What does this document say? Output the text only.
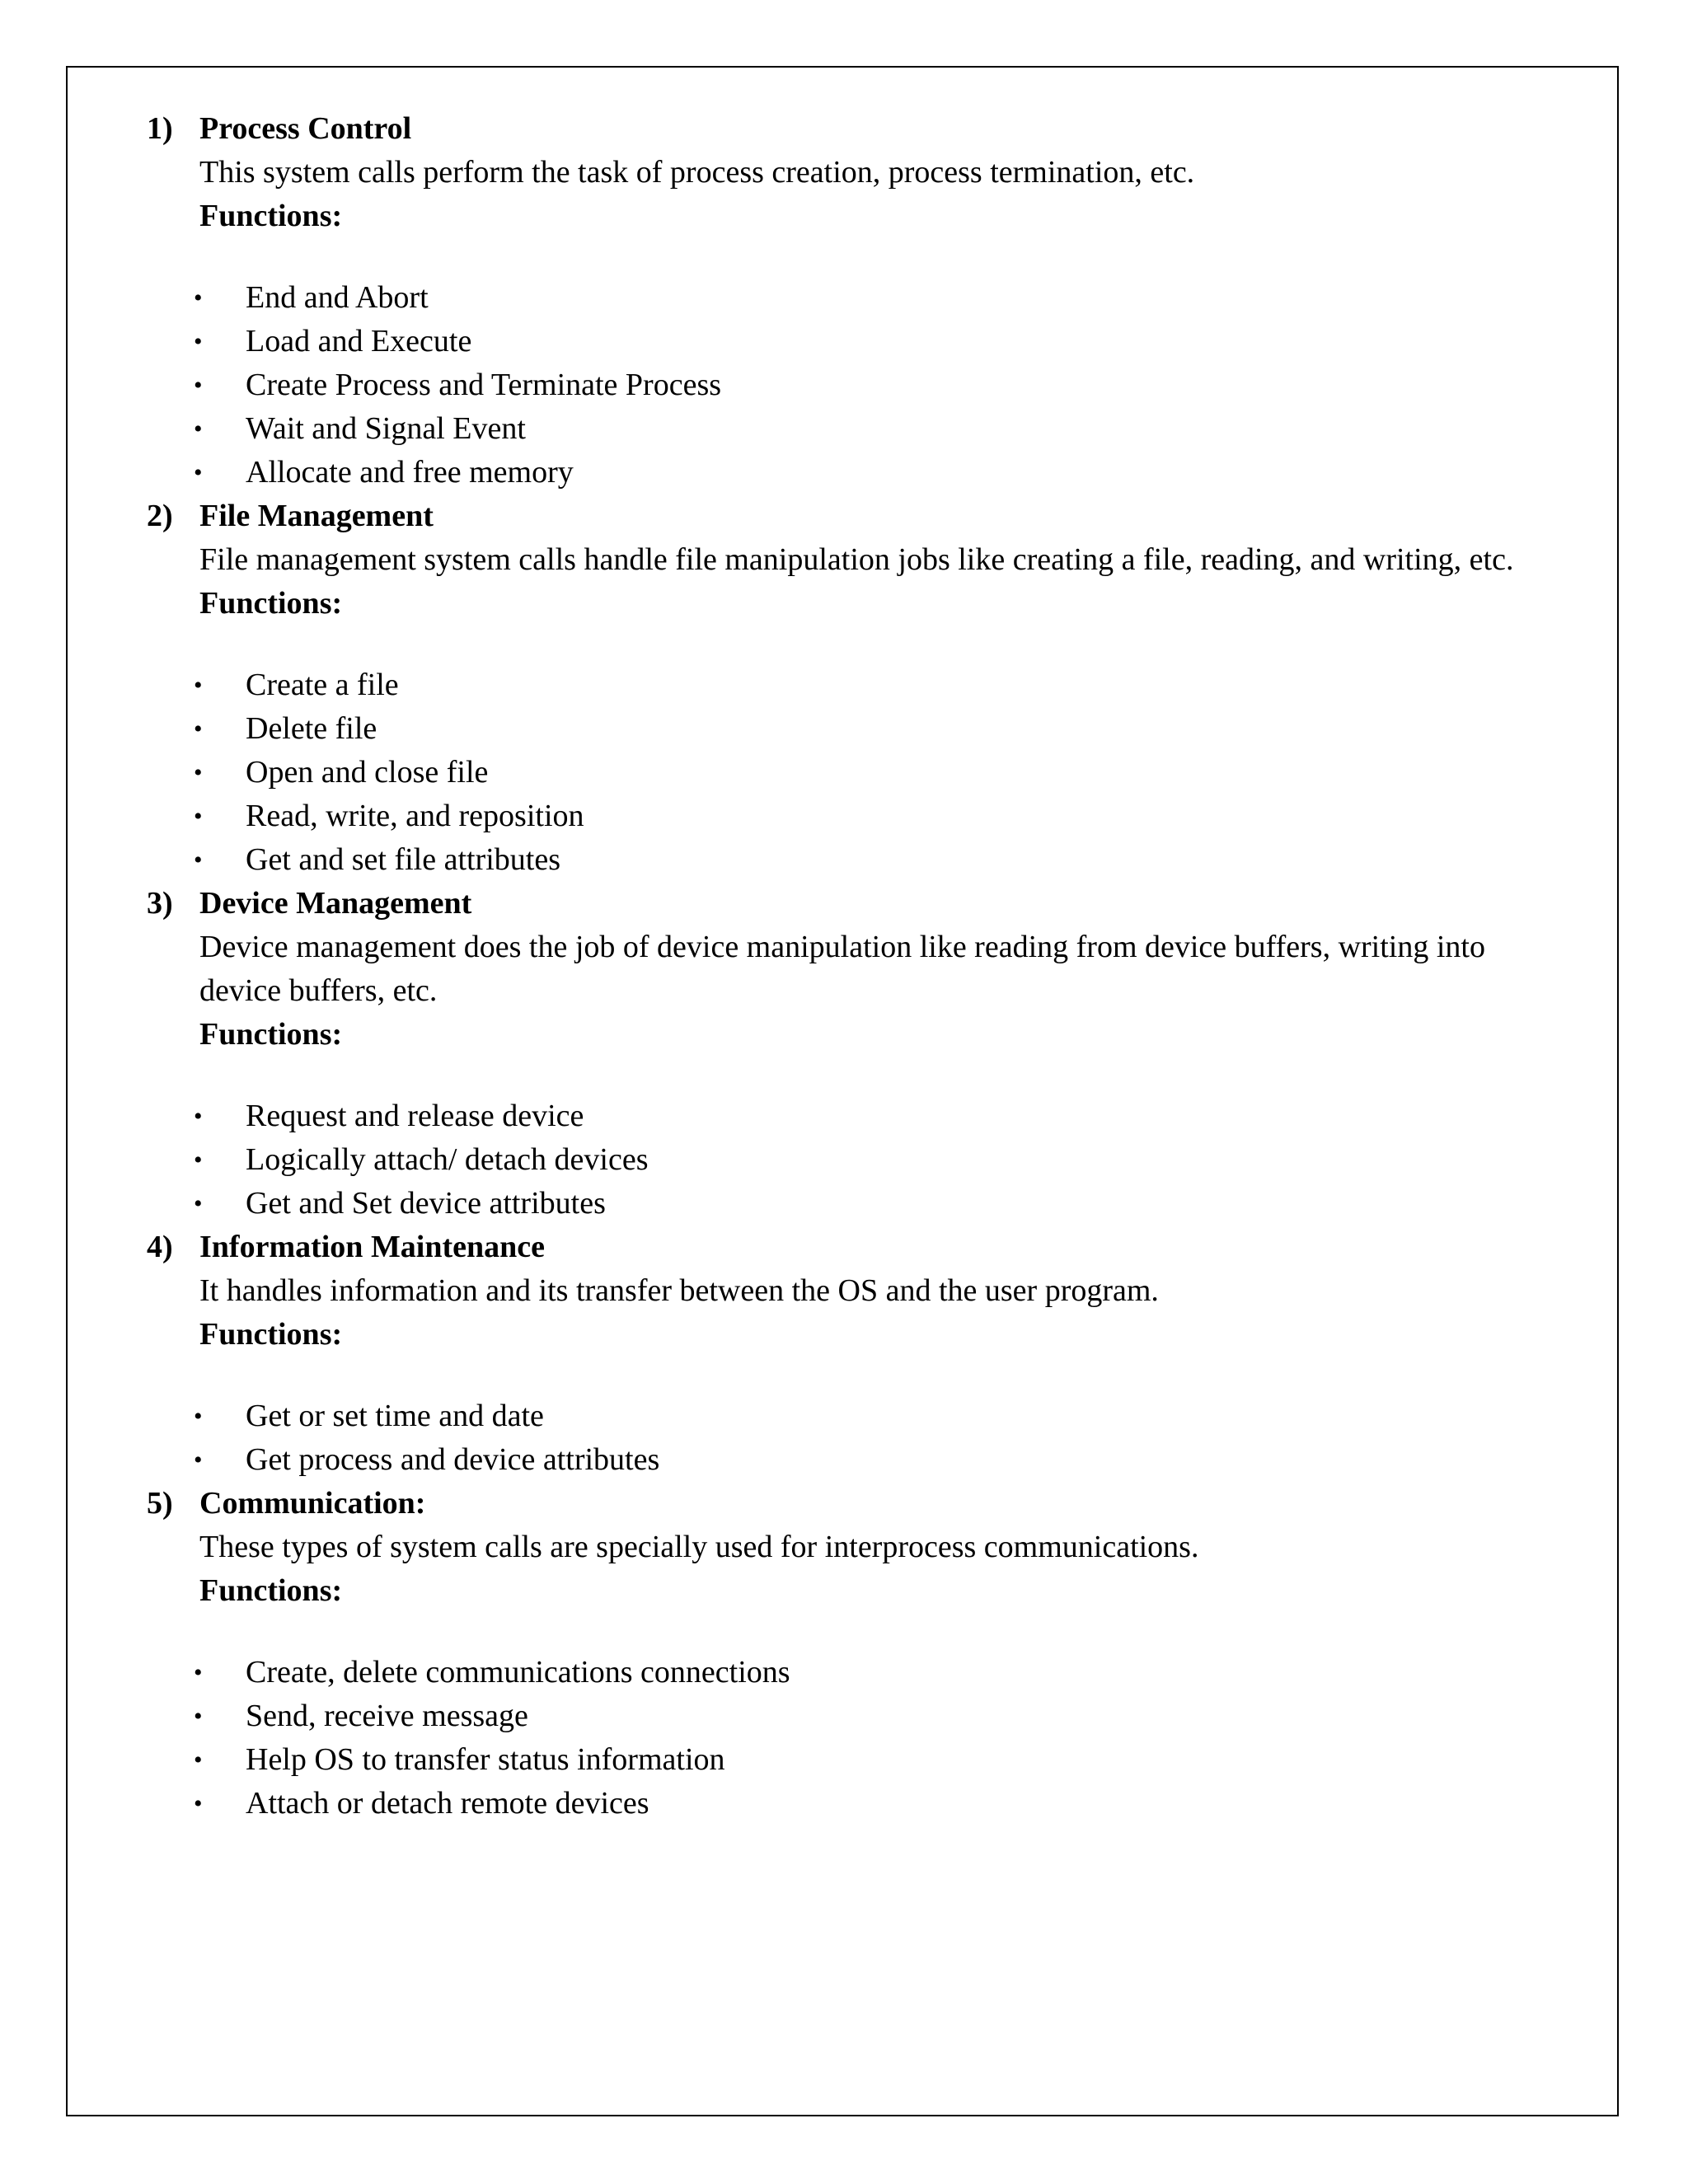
1) Process Control

This system calls perform the task of process creation, process termination, etc.

Functions:

•	End and Abort
•	Load and Execute
•	Create Process and Terminate Process
•	Wait and Signal Event
•	Allocate and free memory
2) File Management

File management system calls handle file manipulation jobs like creating a file, reading, and writing, etc.

Functions:

•	Create a file
•	Delete file
•	Open and close file
•	Read, write, and reposition
•	Get and set file attributes
3) Device Management

Device management does the job of device manipulation like reading from device buffers, writing into
device buffers, etc.

Functions:

•	Request and release device
•	Logically attach/ detach devices
•	Get and Set device attributes
4) Information Maintenance

It handles information and its transfer between the OS and the user program.

Functions:

•	Get or set time and date
•	Get process and device attributes
5) Communication:

These types of system calls are specially used for interprocess communications.

Functions:

•	Create, delete communications connections
•	Send, receive message
•	Help OS to transfer status information
•	Attach or detach remote devices
